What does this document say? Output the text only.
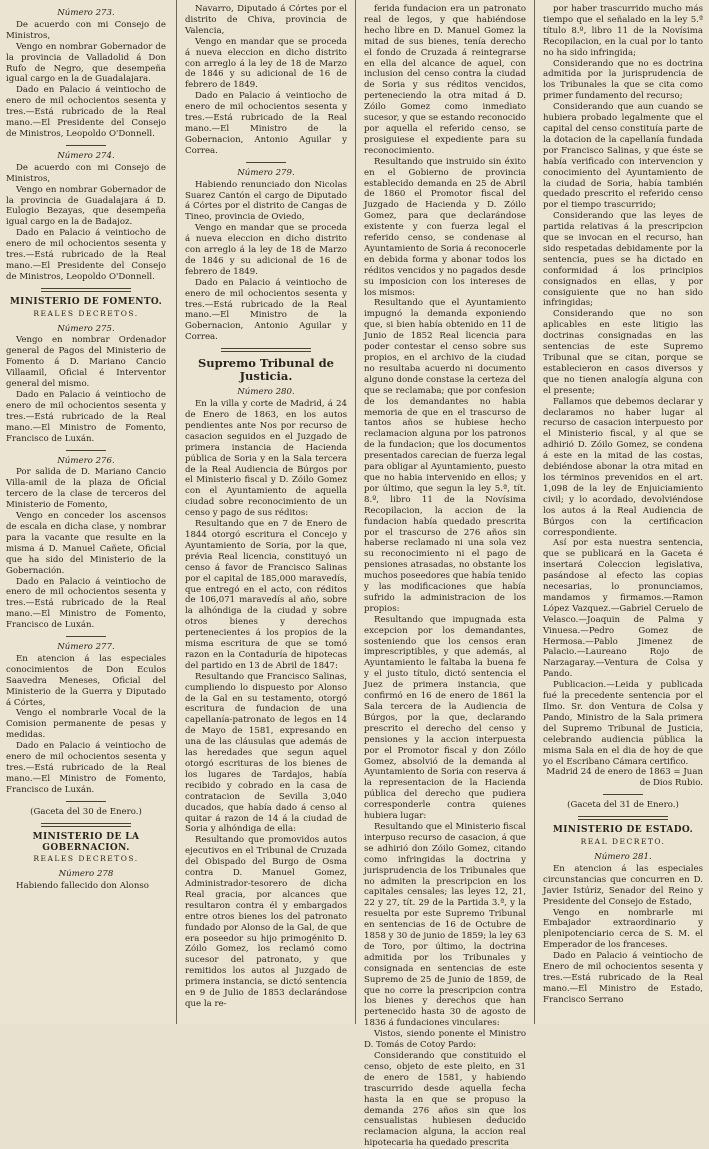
Número 273.

De acuerdo con mi Consejo de Ministros,

Vengo en nombrar Gobernador de la provincia de Valladolid á Don Rufo de Negro, que desempeña igual cargo en la de Guadalajara.

Dado en Palacio á veintiocho de enero de mil ochocientos sesenta y tres.—Está rubricado de la Real mano.—El Presidente del Consejo de Ministros, Leopoldo O'Donnell.

Número 274.

De acuerdo con mi Consejo de Ministros,

Vengo en nombrar Gobernador de la provincia de Guadalajara á D. Eulogio Bezayas, que desempeña igual cargo en la de Badajoz.

Dado en Palacio á veintiocho de enero de mil ochocientos sesenta y tres.—Está rubricado de la Real mano.—El Presidente del Consejo de Ministros, Leopoldo O'Donnell.

MINISTERIO DE FOMENTO.
REALES DECRETOS.
Número 275.

Vengo en nombrar Ordenador general de Pagos del Ministerio de Fomento á D. Mariano Cancio Villaamil, Oficial é Interventor general del mismo.

Dado en Palacio á veintiocho de enero de mil ochocientos sesenta y tres.—Está rubricado de la Real mano.—El Ministro de Fomento, Francisco de Luxán.

Número 276.

Por salida de D. Mariano Cancio Villa-amil de la plaza de Oficial tercero de la clase de terceros del Ministerio de Fomento,

Vengo en conceder los ascensos de escala en dicha clase, y nombrar para la vacante que resulte en la misma á D. Manuel Cañete, Oficial que ha sido del Ministerio de la Gobernación.

Dado en Palacio á veintiocho de enero de mil ochocientos sesenta y tres.—Está rubricado de la Real mano.—El Ministro de Fomento, Francisco de Luxán.

Número 277.

En atencion á las especiales conocimientos de Don Eculos Saavedra Meneses, Oficial del Ministerio de la Guerra y Diputado á Córtes,

Vengo el nombrarle Vocal de la Comision permanente de pesas y medidas.

Dado en Palacio á veintiocho de enero de mil ochocientos sesenta y tres.—Está rubricado de la Real mano.—El Ministro de Fomento, Francisco de Luxán.

(Gaceta del 30 de Enero.)
MINISTERIO DE LA GOBERNACION.
REALES DECRETOS.
Número 278

Habiendo fallecido don Alonso

Navarro, Diputado á Córtes por el distrito de Chiva, provincia de Valencia,

Vengo en mandar que se proceda á nueva eleccion en dicho distrito con arreglo á la ley de 18 de Marzo de 1846 y su adicional de 16 de febrero de 1849.

Dado en Palacio á veintiocho de enero de mil ochocientos sesenta y tres.—Está rubricado de la Real mano.—El Ministro de la Gobernacion, Antonio Aguilar y Correa.

Número 279.

Habiendo renunciado don Nicolas Suarez Cantón el cargo de Diputado á Córtes por el distrito de Cangas de Tineo, provincia de Oviedo,

Vengo en mandar que se proceda á nueva eleccion en dicho distrito con arreglo á la ley de 18 de Marzo de 1846 y su adicional de 16 de febrero de 1849.

Dado en Palacio á veintiocho de enero de mil ochocientos sesenta y tres.—Está rubricado de la Real mano.—El Ministro de la Gobernacion, Antonio Aguilar y Correa.

Supremo Tribunal de Justicia.
Número 280.

En la villa y corte de Madrid, á 24 de Enero de 1863, en los autos pendientes ante Nos por recurso de casacion seguidos en el Juzgado de primera instancia de Hacienda pública de Soria y en la Sala tercera de la Real Audiencia de Búrgos por el Ministerio fiscal y D. Zóilo Gomez con el Ayuntamiento de aquella ciudad sobre reconocimiento de un censo y pago de sus réditos:

Resultando que en 7 de Enero de 1844 otorgó escritura el Concejo y Ayuntamiento de Soria, por la que, prévia Real licencia, constituyó un censo á favor de Francisco Salinas por el capital de 185,000 maravedís, que entregó en el acto, con réditos de 106,071 maravedís al año, sobre la alhóndiga de la ciudad y sobre otros bienes y derechos pertenecientes á los propios de la misma escritura de que se tomó razon en la Contaduría de hipotecas del partido en 13 de Abril de 1847:

Resultando que Francisco Salinas, cumpliendo lo dispuesto por Alonso de la Gal en su testamento, otorgó escritura de fundacion de una capellanía-patronato de legos en 14 de Mayo de 1581, expresando en una de las cláusulas que además de las heredades que segun aquel otorgó escrituras de los bienes de los lugares de Tardajos, había recibido y cobrado en la casa de contratacion de Sevilla 3,040 ducados, que había dado á censo al quitar á razon de 14 á la ciudad de Soria y alhóndiga de ella:

Resultando que promovidos autos ejecutivos en el Tribunal de Cruzada del Obispado del Burgo de Osma contra D. Manuel Gomez, Administrador-tesorero de dicha Real gracia, por alcances que resultaron contra él y embargados entre otros bienes los del patronato fundado por Alonso de la Gal, de que era poseedor su hijo primogénito D. Zóilo Gomez, los reclamó como sucesor del patronato, y que remitidos los autos al Juzgado de primera instancia, se dictó sentencia en 9 de Julio de 1853 declarándose que la re-

ferida fundacion era un patronato real de legos, y que habiéndose hecho libre en D. Manuel Gomez la mitad de sus bienes, tenía derecho el fondo de Cruzada á reintegrarse en ella del alcance de aquel, con inclusion del censo contra la ciudad de Soria y sus réditos vencidos, perteneciendo la otra mitad á D. Zóilo Gomez como inmediato sucesor, y que se estando reconocido por aquella el referido censo, se prosiguiese el expediente para su reconocimiento.

Resultando que instruido sin éxito en el Gobierno de provincia establecido demanda en 25 de Abril de 1860 el Promotor fiscal del Juzgado de Hacienda y D. Zóilo Gomez, para que declarándose existente y con fuerza legal el referido censo, se condenase al Ayuntamiento de Soria á reconocerle en debida forma y abonar todos los réditos vencidos y no pagados desde su imposicion con los intereses de los mismos:

Resultando que el Ayuntamiento impugnó la demanda exponiendo que, si bien había obtenido en 11 de Junio de 1852 Real licencia para poder contestar el censo sobre sus propios, en el archivo de la ciudad no resultaba acuerdo ni documento alguno donde constase la certeza del que se reclamaba; que por confesion de los demandantes no habia memoria de que en el trascurso de tantos años se hubiese hecho reclamacion alguna por los patronos de la fundacion; que los documentos presentados carecian de fuerza legal para obligar al Ayuntamiento, puesto que no habia intervenido en ellos; y por último, que segun la ley 5.ª, tít. 8.º, libro 11 de la Novísima Recopilacion, la accion de la fundacion había quedado prescrita por el trascurso de 276 años sin haberse reclamado ni una sola vez su reconocimiento ni el pago de pensiones atrasadas, no obstante los muchos poseedores que había tenido y las modificaciones que había sufrido la administracion de los propios:

Resultando que impugnada esta excepcion por los demandantes, sosteniendo que los censos eran imprescriptibles, y que además, al Ayuntamiento le faltaba la buena fe y el justo título, dictó sentencia el Juez de primera instancia, que confirmó en 16 de enero de 1861 la Sala tercera de la Audiencia de Búrgos, por la que, declarando prescrito el derecho del censo y pensiones y la accion interpuesta por el Promotor fiscal y don Zóilo Gomez, absolvió de la demanda al Ayuntamiento de Soria con reserva á la representacion de la Hacienda pública del derecho que pudiera corresponderle contra quienes hubiera lugar:

Resultando que el Ministerio fiscal interpuso recurso de casacion, á que se adhirió don Zóilo Gomez, citando como infringidas la doctrina y jurisprudencia de los Tribunales que no admiten la prescripcion en los capitales censales; las leyes 12, 21, 22 y 27, tít. 29 de la Partida 3.ª, y la resuelta por este Supremo Tribunal en sentencias de 16 de Octubre de 1858 y 30 de junio de 1859; la ley 63 de Toro, por último, la doctrina admitida por los Tribunales y consignada en sentencias de este Supremo de 25 de Junio de 1859, de que no corre la prescripcion contra los bienes y derechos que han pertenecido hasta 30 de agosto de 1836 á fundaciones vinculares:

Vistos, siendo ponente el Ministro D. Tomás de Cotoy Pardo:

Considerando que constituido el censo, objeto de este pleito, en 31 de enero de 1581, y habiendo trascurrido desde aquella fecha hasta la en que se propuso la demanda 276 años sin que los censualistas hubiesen deducido reclamacion alguna, la accion real hipotecaria ha quedado prescrita

por haber trascurrido mucho más tiempo que el señalado en la ley 5.ª título 8.º, libro 11 de la Novísima Recopilacion, en la cual por lo tanto no ha sido infringida;

Considerando que no es doctrina admitida por la jurisprudencia de los Tribunales la que se cita como primer fundamento del recurso;

Considerando que aun cuando se hubiera probado legalmente que el capital del censo constituía parte de la dotacion de la capellanía fundada por Francisco Salinas, y que éste se había verificado con intervencion y conocimiento del Ayuntamiento de la ciudad de Soria, había también quedado prescrito el referido censo por el tiempo trascurrido;

Considerando que las leyes de partida relativas á la prescripcion que se invocan en el recurso, han sido respetadas debidamente por la sentencia, pues se ha dictado en conformidad á los principios consignados en ellas, y por consiguiente que no han sido infringidas;

Considerando que no son aplicables en este litigio las doctrinas consignadas en las sentencias de este Supremo Tribunal que se citan, porque se establecieron en casos diversos y que no tienen analogía alguna con el presente;

Fallamos que debemos declarar y declaramos no haber lugar al recurso de casacion interpuesto por el Ministerio fiscal, y al que se adhirió D. Zóilo Gomez, se condena á este en la mitad de las costas, debiéndose abonar la otra mitad en los términos prevenidos en el art. 1,098 de la ley de Enjuiciamiento civil; y lo acordado, devolviéndose los autos á la Real Audiencia de Búrgos con la certificacion correspondiente.

Así por esta nuestra sentencia, que se publicará en la Gaceta é insertará Coleccion legislativa, pasándose al efecto las copias necesarias, lo pronunciamos, mandamos y firmamos.—Ramon López Vazquez.—Gabriel Ceruelo de Velasco.—Joaquin de Palma y Vinuesa.—Pedro Gomez de Hermosa.—Pablo Jimenez de Palacio.—Laureano Rojo de Narzagaray.—Ventura de Colsa y Pando.

Publicacion.—Leida y publicada fué la precedente sentencia por el Ilmo. Sr. don Ventura de Colsa y Pando, Ministro de la Sala primera del Supremo Tribunal de Justicia, celebrando audiencia pública la misma Sala en el dia de hoy de que yo el Escribano Cámara certifico.

Madrid 24 de enero de 1863 = Juan de Dios Rubio.

(Gaceta del 31 de Enero.)
MINISTERIO DE ESTADO.
REAL DECRETO.
Número 281.

En atencion á las especiales circunstancias que concurren en D. Javier Istúriz, Senador del Reino y Presidente del Consejo de Estado,

Vengo en nombrarle mi Embajador extraordinario y plenipotenciario cerca de S. M. el Emperador de los franceses.

Dado en Palacio á veintiocho de Enero de mil ochocientos sesenta y tres.—Está rubricado de la Real mano.—El Ministro de Estado, Francisco Serrano
